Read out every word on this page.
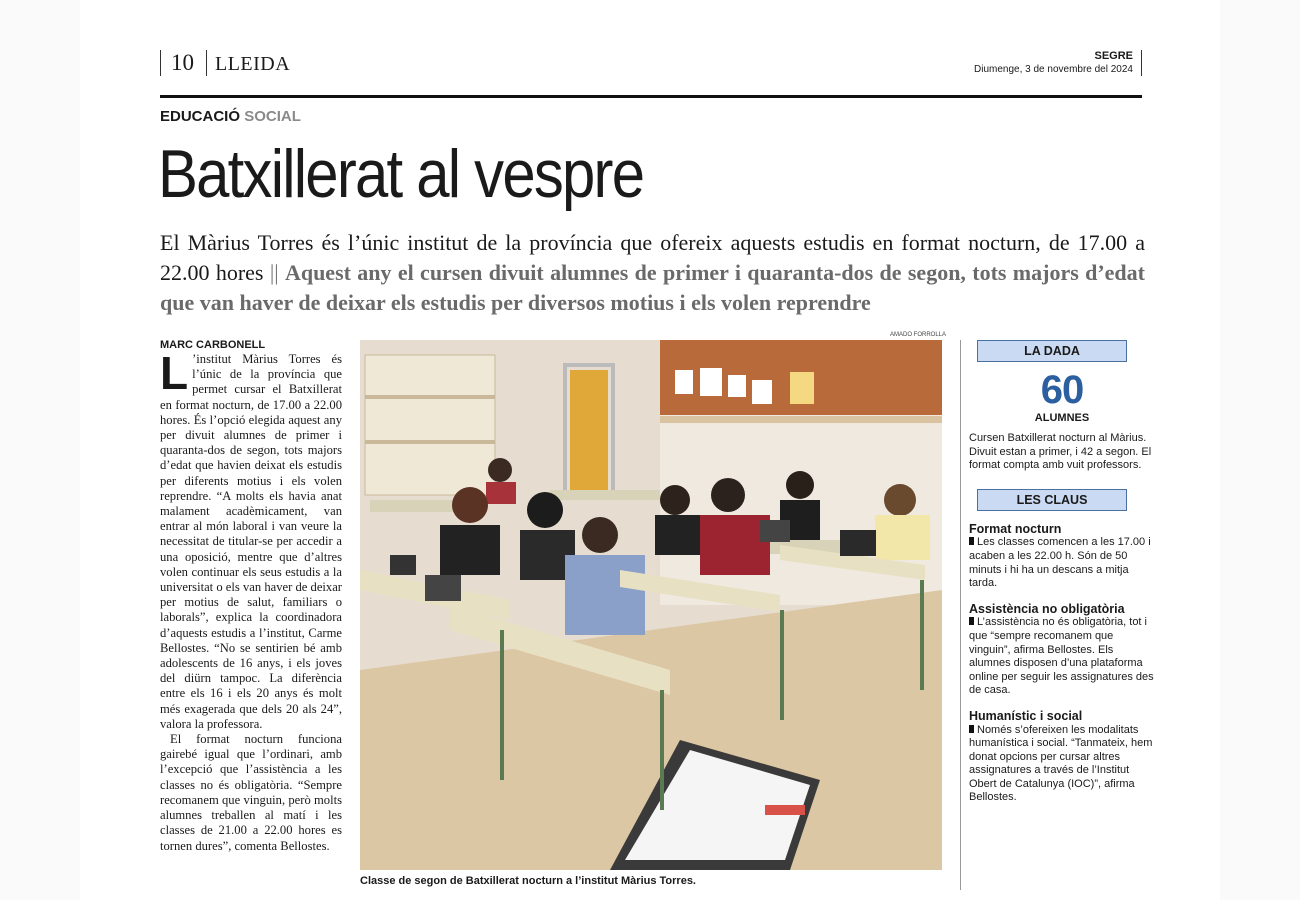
10	LLEIDA	SEGRE
Diumenge, 3 de novembre del 2024
EDUCACIÓ SOCIAL
Batxillerat al vespre
El Màrius Torres és l’únic institut de la província que ofereix aquests estudis en format nocturn, de 17.00 a 22.00 hores || Aquest any el cursen divuit alumnes de primer i quaranta-dos de segon, tots majors d’edat que van haver de deixar els estudis per diversos motius i els volen reprendre
MARC CARBONELL

L ’institut Màrius Torres és l’únic de la província que permet cursar el Batxillerat en format nocturn, de 17.00 a 22.00 hores. És l’opció elegida aquest any per divuit alumnes de primer i quaranta-dos de segon, tots majors d’edat que havien deixat els estudis per diferents motius i els volen reprendre. “A molts els havia anat malament acadèmicament, van entrar al món laboral i van veure la necessitat de titular-se per accedir a una oposició, mentre que d’altres volen continuar els seus estudis a la universitat o els van haver de deixar per motius de salut, familiars o laborals”, explica la coordinadora d’aquests estudis a l’institut, Carme Bellostes. “No se sentirien bé amb adolescents de 16 anys, i els joves del diürn tampoc. La diferència entre els 16 i els 20 anys és molt més exagerada que dels 20 als 24”, valora la professora.

El format nocturn funciona gairebé igual que l’ordinari, amb l’excepció que l’assistència a les classes no és obligatòria. “Sempre recomanem que vinguin, però molts alumnes treballen al matí i les classes de 21.00 a 22.00 hores es tornen dures”, comenta Bellostes.

AMADO FORROLLA
Classe de segon de Batxillerat nocturn a l’institut Màrius Torres.
LA DADA
60
ALUMNES

Cursen Batxillerat nocturn al Màrius. Divuit estan a primer, i 42 a segon. El format compta amb vuit professors.

LES CLAUS

Format nocturn

Les classes comencen a les 17.00 i acaben a les 22.00 h. Són de 50 minuts i hi ha un descans a mitja tarda.

Assistència no obligatòria

L’assistència no és obligatòria, tot i que “sempre recomanem que vinguin”, afirma Bellostes. Els alumnes disposen d’una plataforma online per seguir les assignatures des de casa.

Humanístic i social

Només s’ofereixen les modalitats humanística i social. “Tanmateix, hem donat opcions per cursar altres assignatures a través de l’Institut Obert de Catalunya (IOC)”, afirma Bellostes.
